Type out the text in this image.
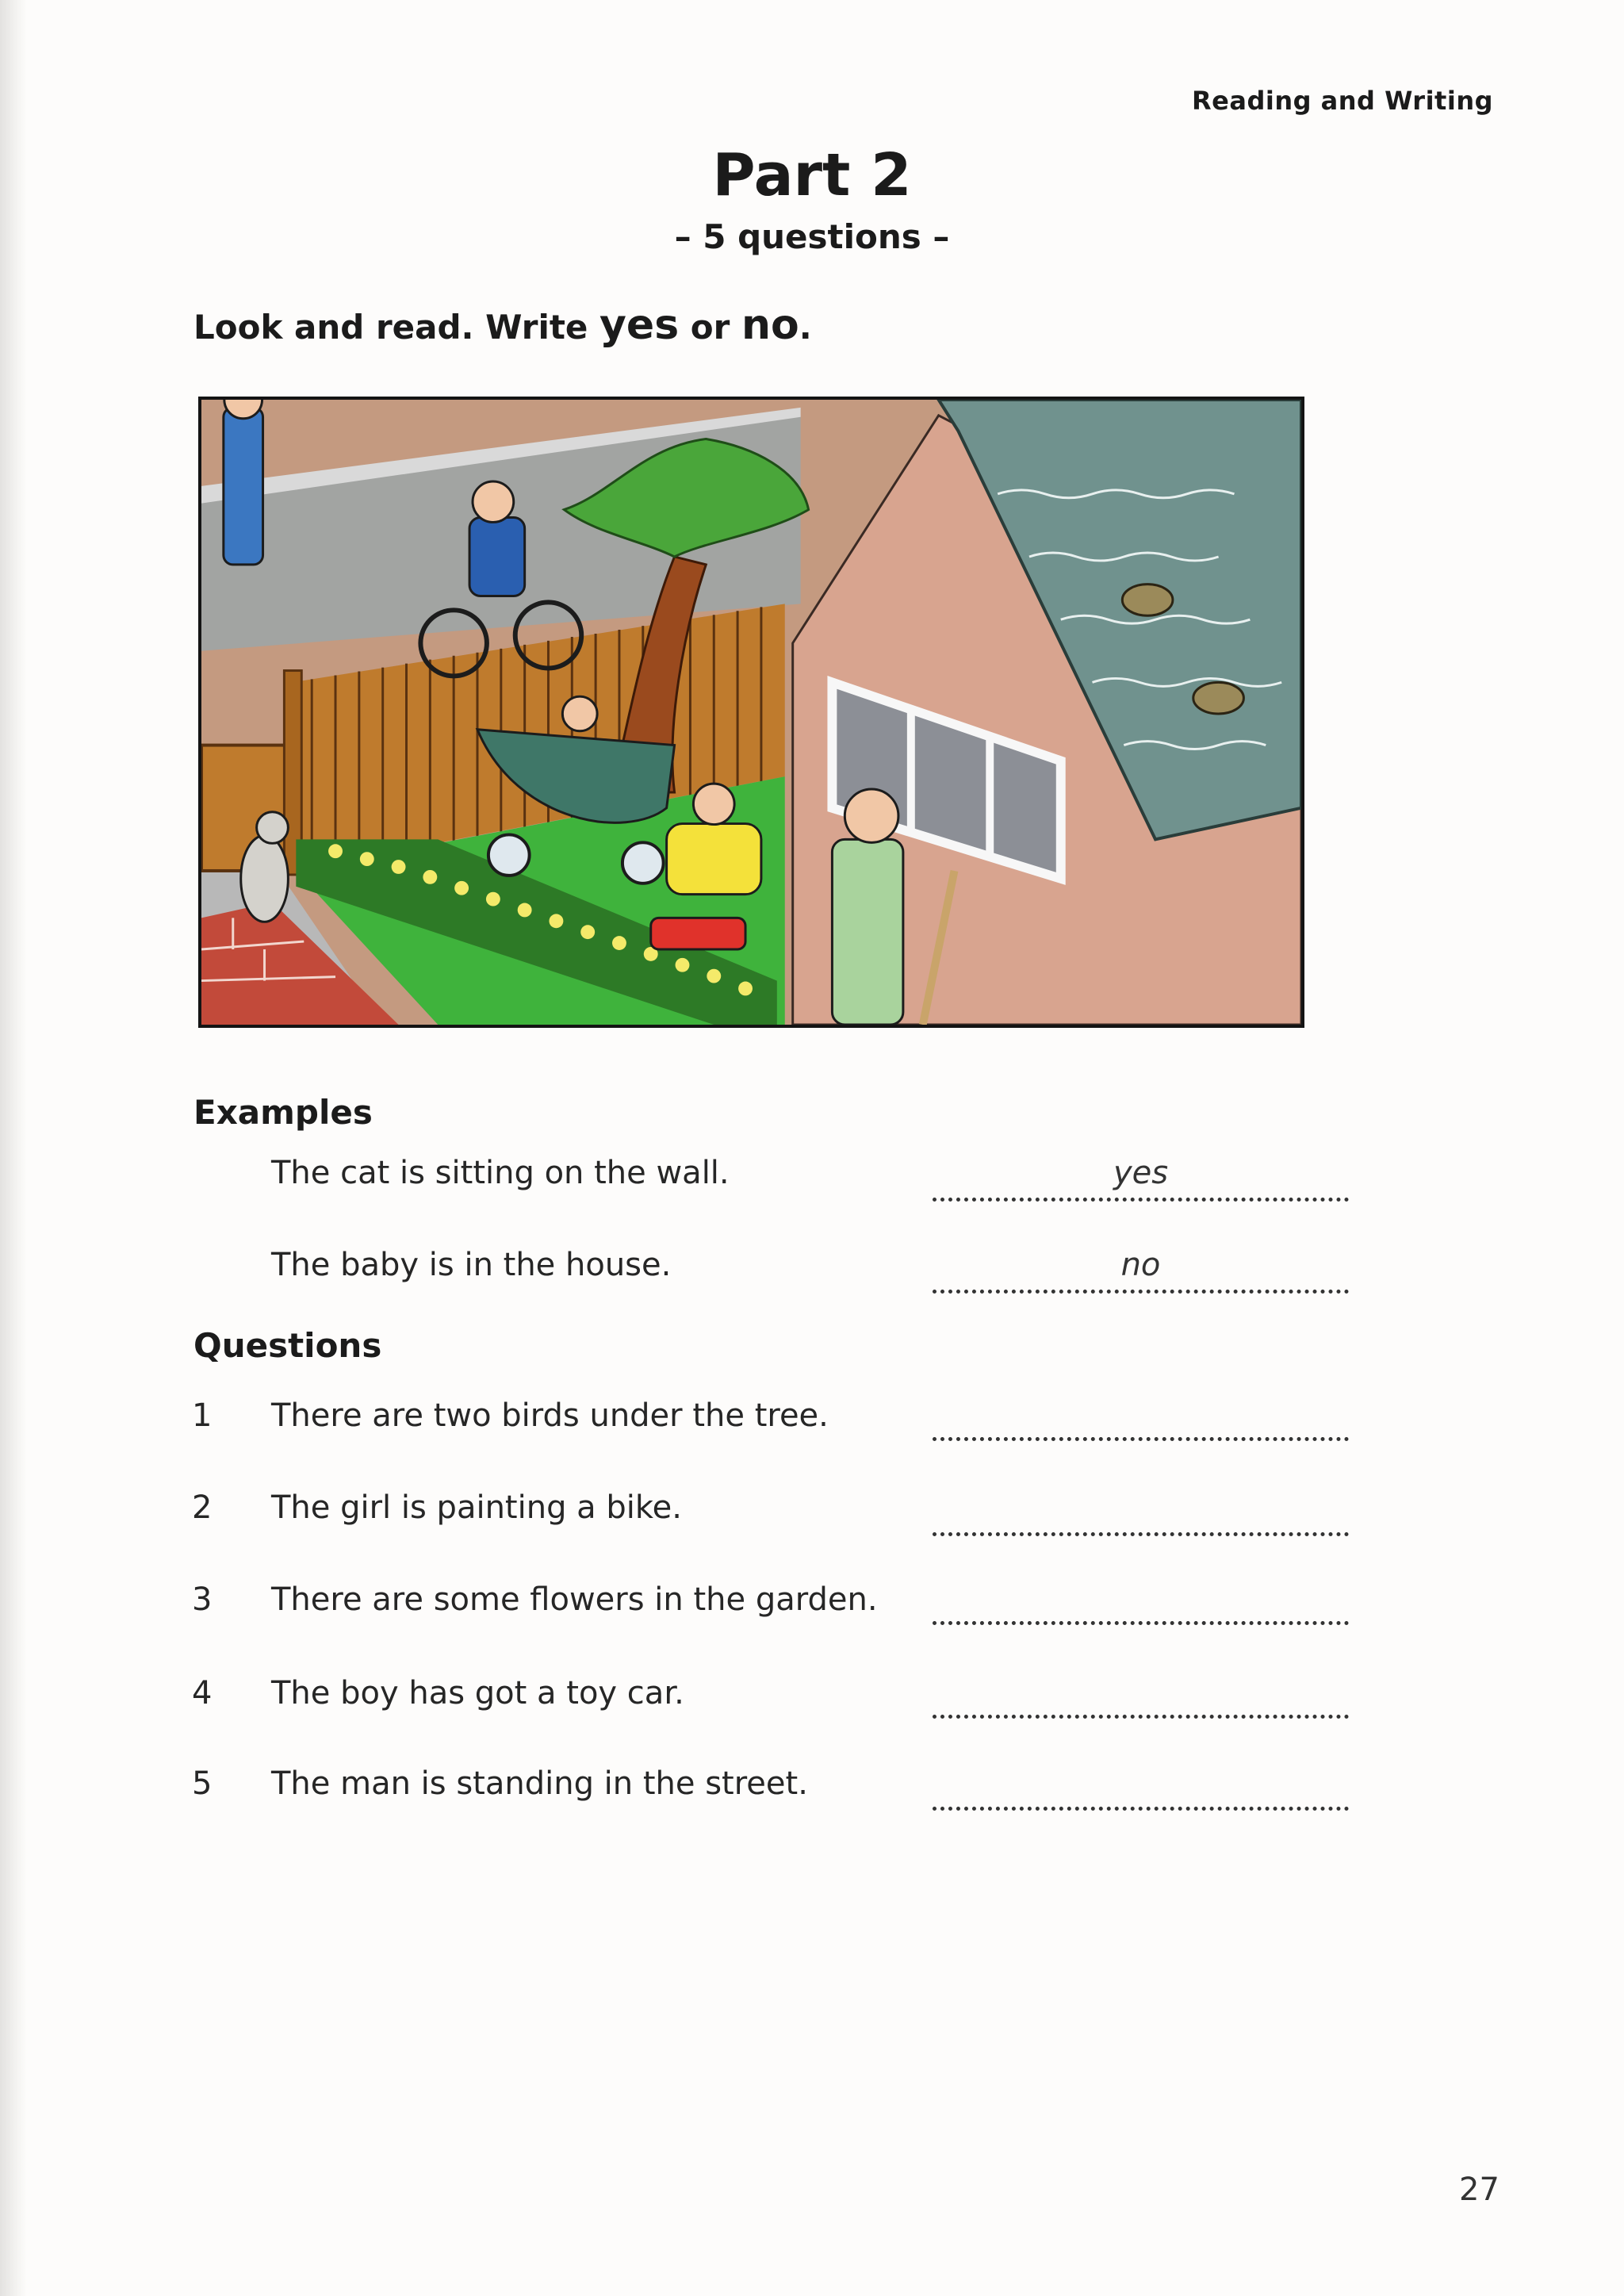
Reading and Writing
Part 2
– 5 questions –
Look and read. Write yes or no.
Examples
The cat is sitting on the wall.	yes
The baby is in the house.	no
Questions
1 There are two birds under the tree.
2 The girl is painting a bike.
3 There are some flowers in the garden.
4 The boy has got a toy car.
5 The man is standing in the street.
27
